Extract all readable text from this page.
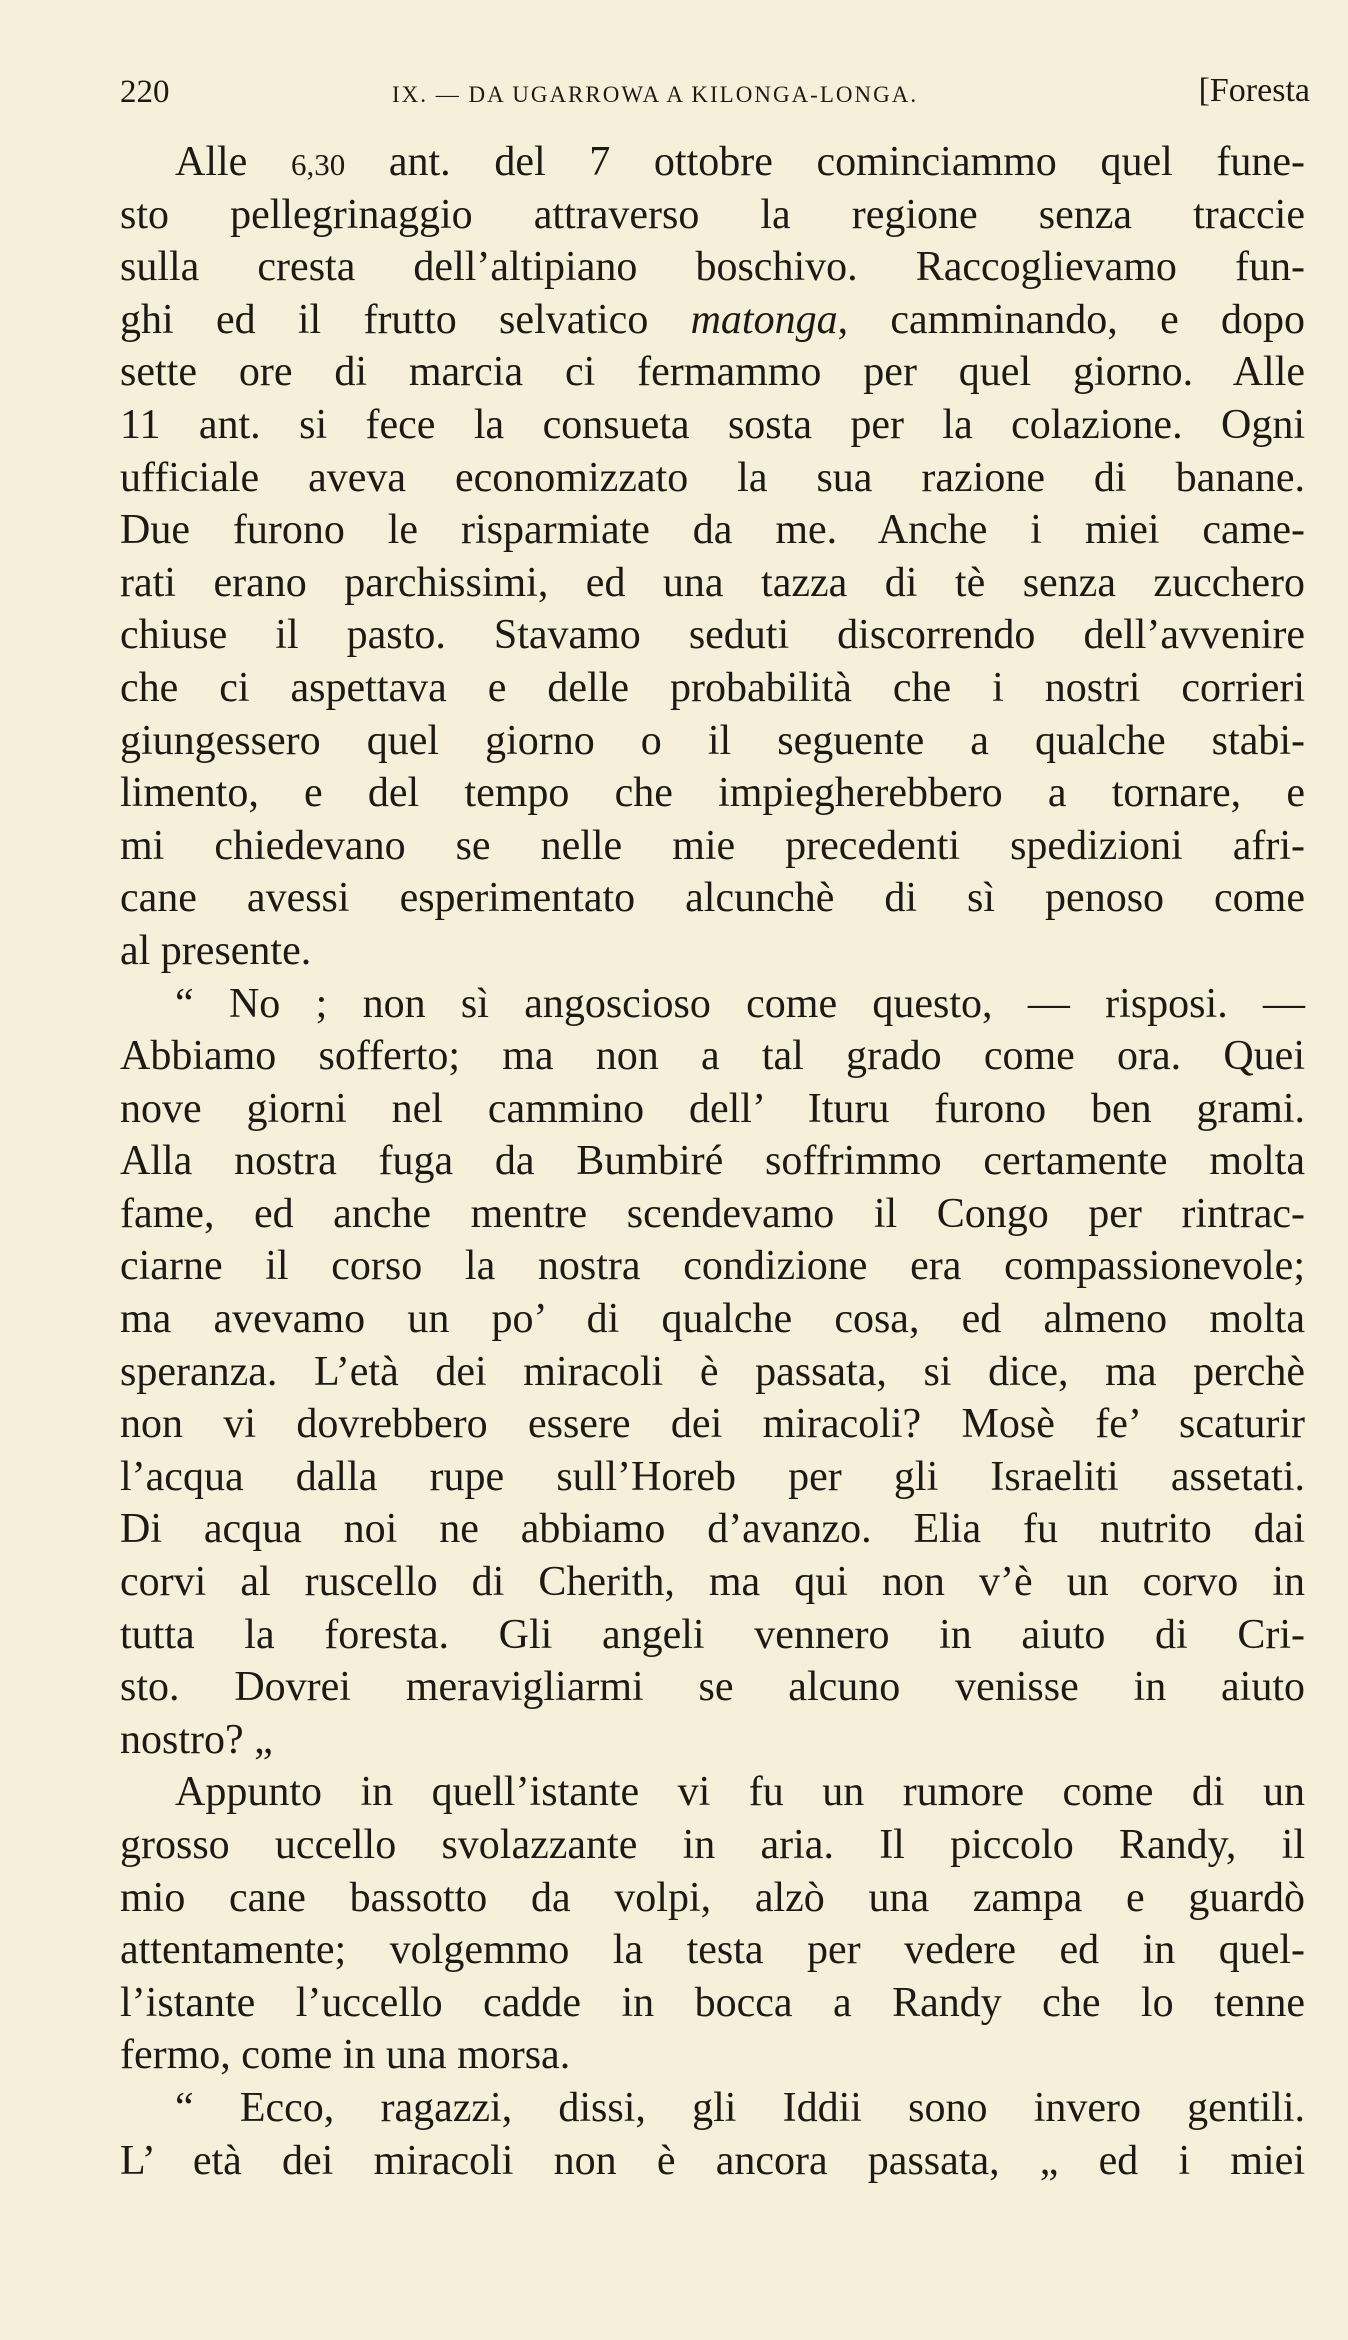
220	IX. — DA UGARROWA A KILONGA-LONGA.	[Foresta
Alle 6,30 ant. del 7 ottobre cominciammo quel fune-
sto pellegrinaggio attraverso la regione senza traccie
sulla cresta dell’altipiano boschivo. Raccoglievamo fun-
ghi ed il frutto selvatico matonga, camminando, e dopo
sette ore di marcia ci fermammo per quel giorno. Alle
11 ant. si fece la consueta sosta per la colazione. Ogni
ufficiale aveva economizzato la sua razione di banane.
Due furono le risparmiate da me. Anche i miei came-
rati erano parchissimi, ed una tazza di tè senza zucchero
chiuse il pasto. Stavamo seduti discorrendo dell’avvenire
che ci aspettava e delle probabilità che i nostri corrieri
giungessero quel giorno o il seguente a qualche stabi-
limento, e del tempo che impiegherebbero a tornare, e
mi chiedevano se nelle mie precedenti spedizioni afri-
cane avessi esperimentato alcunchè di sì penoso come
al presente.
“ No ; non sì angoscioso come questo, — risposi. —
Abbiamo sofferto; ma non a tal grado come ora. Quei
nove giorni nel cammino dell’ Ituru furono ben grami.
Alla nostra fuga da Bumbiré soffrimmo certamente molta
fame, ed anche mentre scendevamo il Congo per rintrac-
ciarne il corso la nostra condizione era compassionevole;
ma avevamo un po’ di qualche cosa, ed almeno molta
speranza. L’età dei miracoli è passata, si dice, ma perchè
non vi dovrebbero essere dei miracoli? Mosè fe’ scaturir
l’acqua dalla rupe sull’Horeb per gli Israeliti assetati.
Di acqua noi ne abbiamo d’avanzo. Elia fu nutrito dai
corvi al ruscello di Cherith, ma qui non v’è un corvo in
tutta la foresta. Gli angeli vennero in aiuto di Cri-
sto. Dovrei meravigliarmi se alcuno venisse in aiuto
nostro? „
Appunto in quell’istante vi fu un rumore come di un
grosso uccello svolazzante in aria. Il piccolo Randy, il
mio cane bassotto da volpi, alzò una zampa e guardò
attentamente; volgemmo la testa per vedere ed in quel-
l’istante l’uccello cadde in bocca a Randy che lo tenne
fermo, come in una morsa.
“ Ecco, ragazzi, dissi, gli Iddii sono invero gentili.
L’ età dei miracoli non è ancora passata, „ ed i miei
